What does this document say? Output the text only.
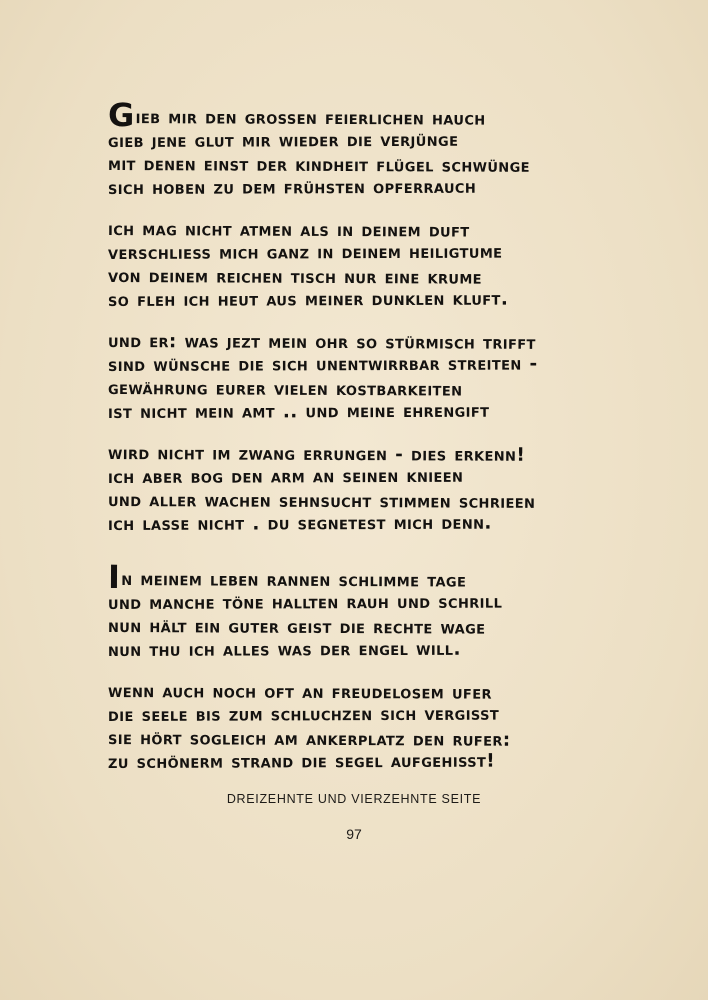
Gieb mir den grossen feierlichen hauch
gieb jene glut mir wieder die verjünge
mit denen einst der kindheit flügel schwünge
sich hoben zu dem frühsten opferrauch
ich mag nicht atmen als in deinem duft
verschliess mich ganz in deinem heiligtume
von deinem reichen tisch nur eine krume
so fleh ich heut aus meiner dunklen kluft.
und er: was jezt mein ohr so stürmisch trifft
sind wünsche die sich unentwirrbar streiten -
gewährung eurer vielen kostbarkeiten
ist nicht mein amt .. und meine ehrengift
wird nicht im zwang errungen - dies erkenn!
ich aber bog den arm an seinen knieen
und aller wachen sehnsucht stimmen schrieen
ich lasse nicht . du segnetest mich denn.
In meinem leben rannen schlimme tage
und manche töne hallten rauh und schrill
nun hält ein guter geist die rechte wage
nun thu ich alles was der engel will.
wenn auch noch oft an freudelosem ufer
die seele bis zum schluchzen sich vergisst
sie hört sogleich am ankerplatz den rufer:
zu schönerm strand die segel aufgehisst!
DREIZEHNTE UND VIERZEHNTE SEITE
97
